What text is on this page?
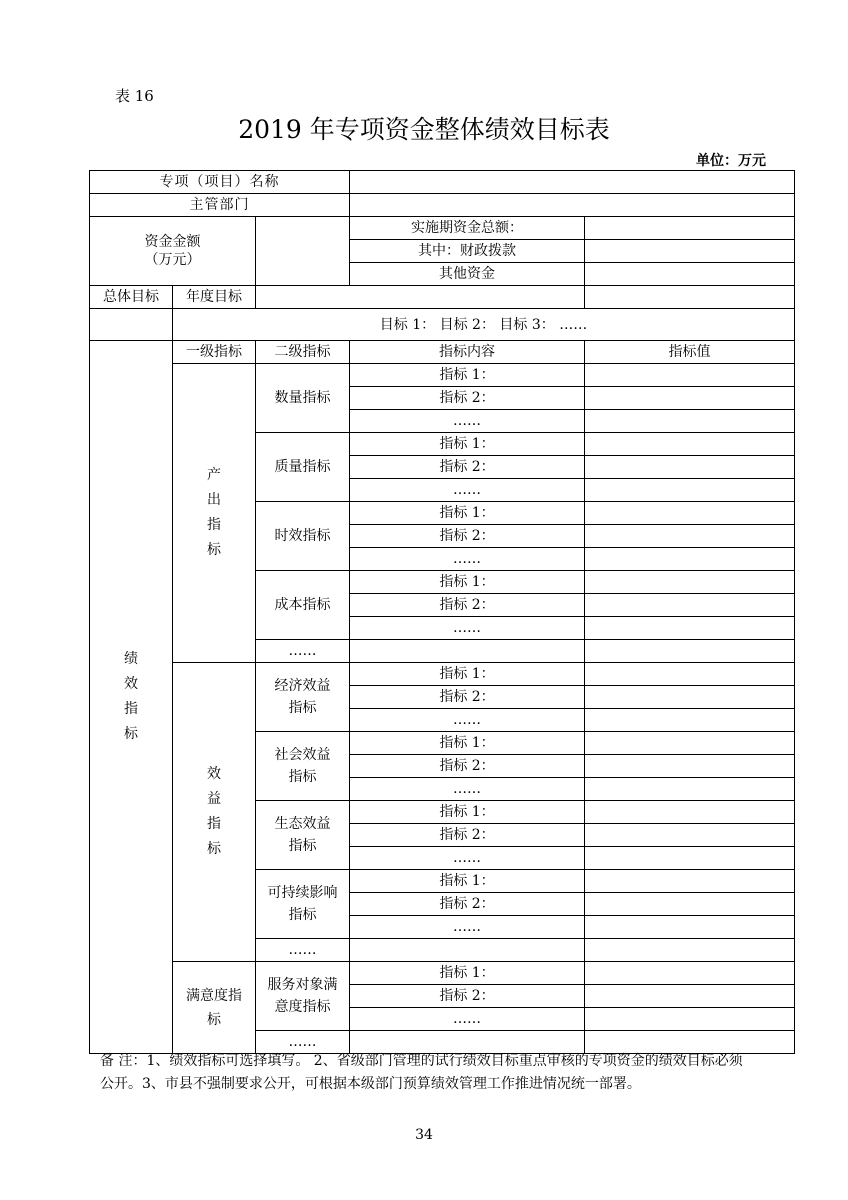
表 16
2019 年专项资金整体绩效目标表
单位：万元
专项（项目）名称				
主管部门				

资金金额
（万元）			实施期资金总额：	
			其中：财政拨款	
			其他资金	
总体目标	年度目标			
	目标 1： 目标 2： 目标 3： ……			
绩效指标	一级指标	二级指标	指标内容	指标值
	产出指标	数量指标	指标 1：	
			指标 2：	
			……	
		质量指标	指标 1：	
			指标 2：	
			……	
		时效指标	指标 1：	
			指标 2：	
			……	
		成本指标	指标 1：	
			指标 2：	
			……	
		……		
	效益指标	经济效益指标	指标 1：	
			指标 2：	
			……	
		社会效益指标	指标 1：	
			指标 2：	
			……	
		生态效益指标	指标 1：	
			指标 2：	
			……	
		可持续影响指标	指标 1：	
			指标 2：	
			……	
		……		
	满意度指标	服务对象满意度指标	指标 1：	
			指标 2：	
			……	
		……		
备 注：1、绩效指标可选择填写。 2、省级部门管理的试行绩效目标重点审核的专项资金的绩效目标必须
公开。3、市县不强制要求公开，可根据本级部门预算绩效管理工作推进情况统一部署。
34
